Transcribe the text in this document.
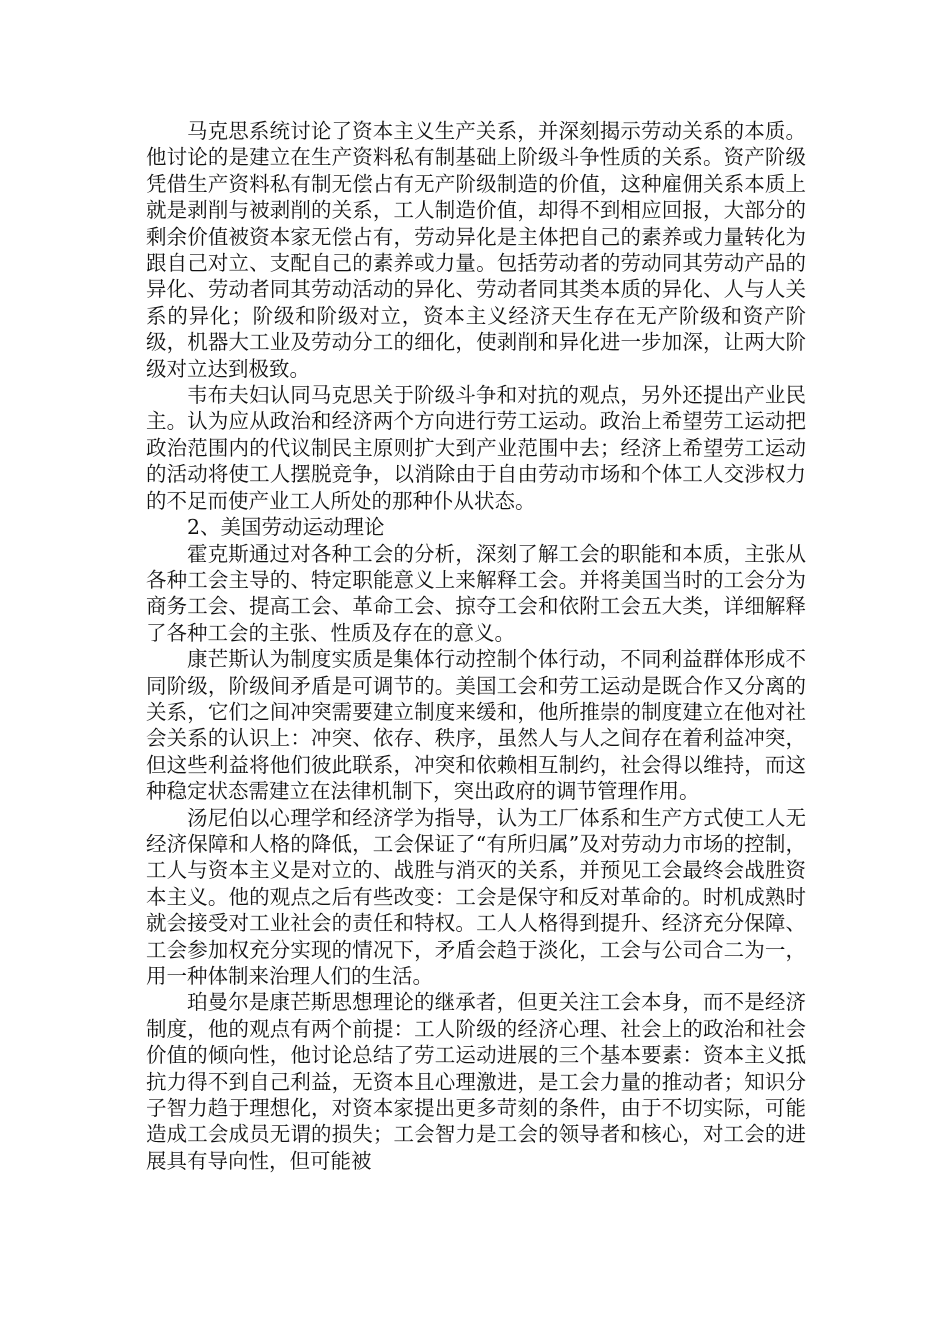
马克思系统讨论了资本主义生产关系，并深刻揭示劳动关系的本质。他讨论的是建立在生产资料私有制基础上阶级斗争性质的关系。资产阶级凭借生产资料私有制无偿占有无产阶级制造的价值，这种雇佣关系本质上就是剥削与被剥削的关系，工人制造价值，却得不到相应回报，大部分的剩余价值被资本家无偿占有，劳动异化是主体把自己的素养或力量转化为跟自己对立、支配自己的素养或力量。包括劳动者的劳动同其劳动产品的异化、劳动者同其劳动活动的异化、劳动者同其类本质的异化、人与人关系的异化；阶级和阶级对立，资本主义经济天生存在无产阶级和资产阶级，机器大工业及劳动分工的细化，使剥削和异化进一步加深，让两大阶级对立达到极致。

韦布夫妇认同马克思关于阶级斗争和对抗的观点，另外还提出产业民主。认为应从政治和经济两个方向进行劳工运动。政治上希望劳工运动把政治范围内的代议制民主原则扩大到产业范围中去；经济上希望劳工运动的活动将使工人摆脱竞争，以消除由于自由劳动市场和个体工人交涉权力的不足而使产业工人所处的那种仆从状态。

2、美国劳动运动理论

霍克斯通过对各种工会的分析，深刻了解工会的职能和本质，主张从各种工会主导的、特定职能意义上来解释工会。并将美国当时的工会分为商务工会、提高工会、革命工会、掠夺工会和依附工会五大类，详细解释了各种工会的主张、性质及存在的意义。

康芒斯认为制度实质是集体行动控制个体行动，不同利益群体形成不同阶级，阶级间矛盾是可调节的。美国工会和劳工运动是既合作又分离的关系，它们之间冲突需要建立制度来缓和，他所推崇的制度建立在他对社会关系的认识上：冲突、依存、秩序，虽然人与人之间存在着利益冲突，但这些利益将他们彼此联系，冲突和依赖相互制约，社会得以维持，而这种稳定状态需建立在法律机制下，突出政府的调节管理作用。

汤尼伯以心理学和经济学为指导，认为工厂体系和生产方式使工人无经济保障和人格的降低，工会保证了“有所归属”及对劳动力市场的控制，工人与资本主义是对立的、战胜与消灭的关系，并预见工会最终会战胜资本主义。他的观点之后有些改变：工会是保守和反对革命的。时机成熟时就会接受对工业社会的责任和特权。工人人格得到提升、经济充分保障、工会参加权充分实现的情况下，矛盾会趋于淡化，工会与公司合二为一，用一种体制来治理人们的生活。

珀曼尔是康芒斯思想理论的继承者，但更关注工会本身，而不是经济制度，他的观点有两个前提：工人阶级的经济心理、社会上的政治和社会价值的倾向性，他讨论总结了劳工运动进展的三个基本要素：资本主义抵抗力得不到自己利益，无资本且心理激进，是工会力量的推动者；知识分子智力趋于理想化，对资本家提出更多苛刻的条件，由于不切实际，可能造成工会成员无谓的损失；工会智力是工会的领导者和核心，对工会的进展具有导向性，但可能被
